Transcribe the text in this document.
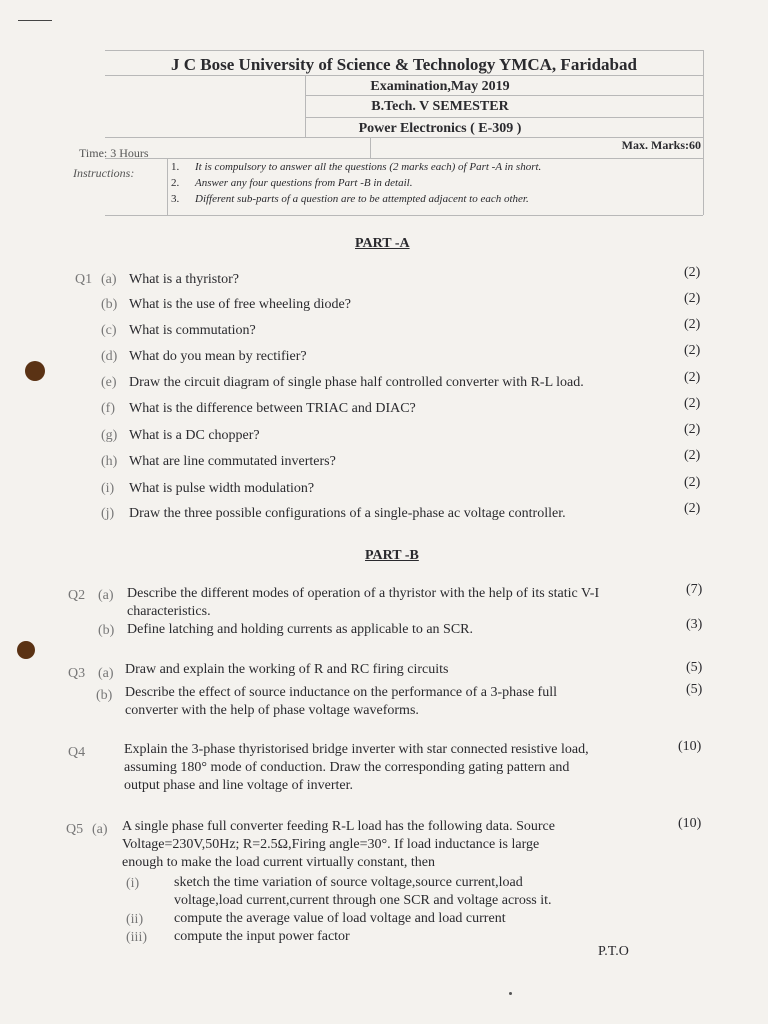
J C Bose University of Science & Technology YMCA, Faridabad
Examination,May 2019
B.Tech. V SEMESTER
Power Electronics ( E-309 )
Time: 3 Hours
Max. Marks:60
Instructions:	1. It is compulsory to answer all the questions (2 marks each) of Part -A in short.
2. Answer any four questions from Part -B in detail.
3. Different sub-parts of a question are to be attempted adjacent to each other.
PART -A
Q1 (a) What is a thyristor?	(2)
(b) What is the use of free wheeling diode?	(2)
(c) What is commutation?	(2)
(d) What do you mean by rectifier?	(2)
(e) Draw the circuit diagram of single phase half controlled converter with R-L load.	(2)
(f) What is the difference between TRIAC and DIAC?	(2)
(g) What is a DC chopper?	(2)
(h) What are line commutated inverters?	(2)
(i) What is pulse width modulation?	(2)
(j) Draw the three possible configurations of a single-phase ac voltage controller.	(2)
PART -B
Q2 (a) Describe the different modes of operation of a thyristor with the help of its static V-I
characteristics.
(7)
(b) Define latching and holding currents as applicable to an SCR.	(3)
Q3 (a) Draw and explain the working of R and RC firing circuits	(5)
(b) Describe the effect of source inductance on the performance of a 3-phase full
converter with the help of phase voltage waveforms.
(5)
Q4	Explain the 3-phase thyristorised bridge inverter with star connected resistive load,
assuming 180° mode of conduction. Draw the corresponding gating pattern and
output phase and line voltage of inverter.
(10)
Q5 (a) A single phase full converter feeding R-L load has the following data. Source
Voltage=230V,50Hz; R=2.5Ω,Firing angle=30°. If load inductance is large
enough to make the load current virtually constant, then
(10)
(i) sketch the time variation of source voltage,source current,load
voltage,load current,current through one SCR and voltage across it.
(ii) compute the average value of load voltage and load current
(iii) compute the input power factor
P.T.O
